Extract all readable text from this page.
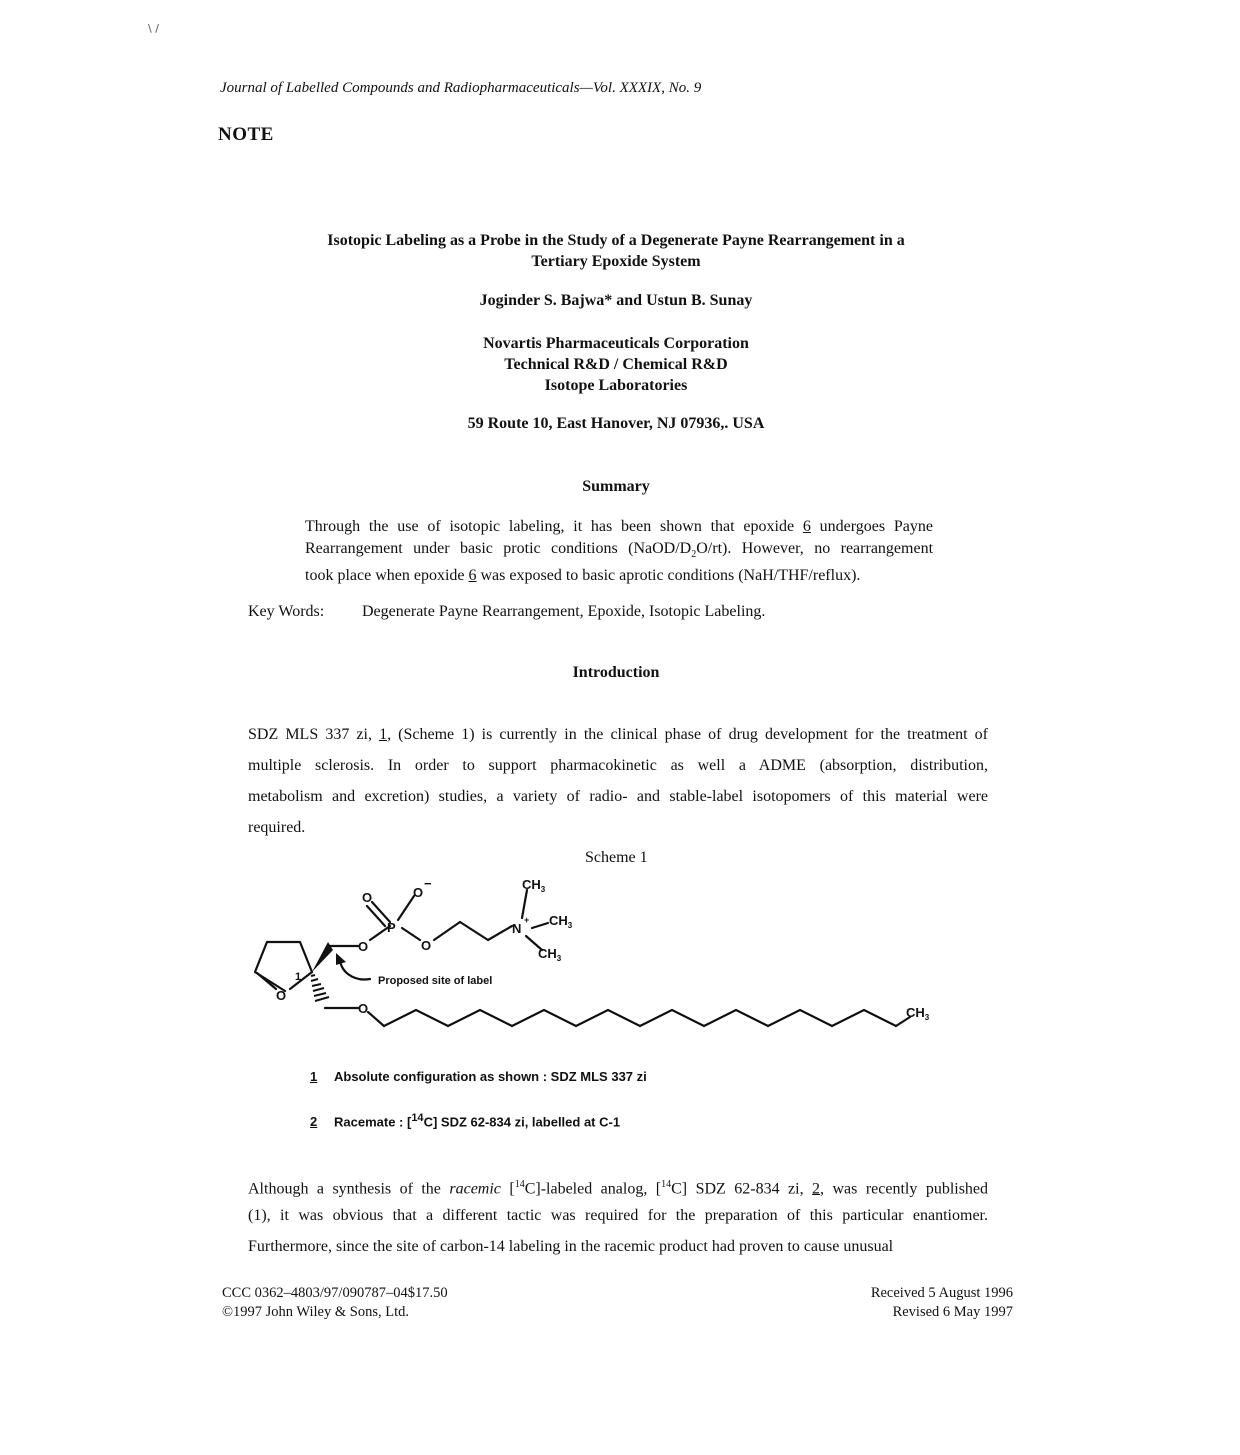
\ /
Journal of Labelled Compounds and Radiopharmaceuticals—Vol. XXXIX, No. 9
NOTE
Isotopic Labeling as a Probe in the Study of a Degenerate Payne Rearrangement in a
Tertiary Epoxide System
Joginder S. Bajwa* and Ustun B. Sunay
Novartis Pharmaceuticals Corporation
Technical R&D / Chemical R&D
Isotope Laboratories
59 Route 10, East Hanover, NJ 07936,. USA
Summary
Through the use of isotopic labeling, it has been shown that epoxide 6 undergoes Payne
Rearrangement under basic protic conditions $(NaOD/D_2O/rt)$. However, no rearrangement
took place when epoxide 6 was exposed to basic aprotic conditions (NaH/THF/reflux).
Key Words: Degenerate Payne Rearrangement, Epoxide, Isotopic Labeling.
Introduction
SDZ MLS 337 zi, 1, (Scheme 1) is currently in the clinical phase of drug development for the treatment of
multiple sclerosis. In order to support pharmacokinetic as well a ADME (absorption, distribution,
metabolism and excretion) studies, a variety of radio- and stable-label isotopomers of this material were
required.
Scheme 1
O
1
O
P
O	O
−
O
N
+
$CH_3$
$CH_3$
$CH_3$
O	$CH_3$
Proposed site of label
1 Absolute configuration as shown : SDZ MLS 337 zi
2 Racemate : [$^{14}$C] SDZ 62-834 zi, labelled at C-1
Although a synthesis of the racemic [$^{14}$C]-labeled analog, [$^{14}$C] SDZ 62-834 zi, 2, was recently published
(1), it was obvious that a different tactic was required for the preparation of this particular enantiomer.
Furthermore, since the site of carbon-14 labeling in the racemic product had proven to cause unusual
CCC 0362–4803/97/090787–04$17.50
©1997 John Wiley & Sons, Ltd.
Received 5 August 1996
Revised 6 May 1997
